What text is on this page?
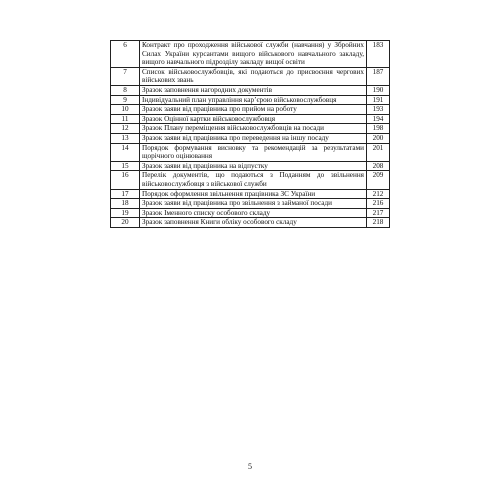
6	Контракт про проходження військової служби (навчання) у Збройних Силах України курсантами вищого військового навчального закладу, вищого навчального підрозділу закладу вищої освіти	183
7	Список військовослужбовців, які подаються до присвоєння чергових військових звань	187
8	Зразок заповнення нагородних документів	190
9	Індивідуальний план управління кар’єрою військовослужбовця	191
10	Зразок заяви від працівника про прийом на роботу	193
11	Зразок Оцінної картки військовослужбовця	194
12	Зразок Плану переміщення військовослужбовців на посади	198
13	Зразок заяви від працівника про переведення на іншу посаду	200
14	Порядок формування висновку та рекомендацій за результатами щорічного оцінювання	201
15	Зразок заяви від працівника на відпустку	208
16	Перелік документів, що подаються з Поданням до звільнення військовослужбовця з військової служби	209
17	Порядок оформлення звільнення працівника ЗС України	212
18	Зразок заяви від працівника про звільнення з займаної посади	216
19	Зразок Іменного списку особового складу	217
20	Зразок заповнення Книги обліку особового складу	218
5
